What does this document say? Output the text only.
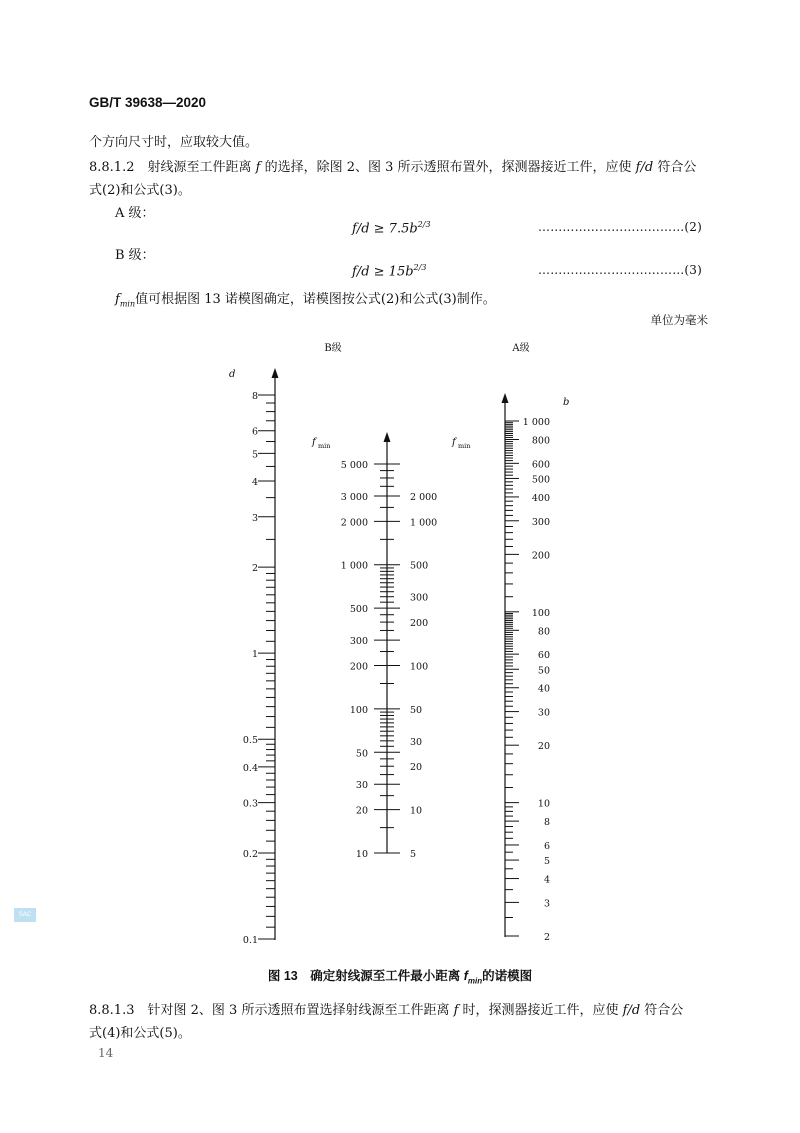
GB/T 39638—2020
个方向尺寸时，应取较大值。
8.8.1.2　 射线源至工件距离 f 的选择，除图 2、图 3 所示透照布置外，探测器接近工件，应使 f/d 符合公
式(2)和公式(3)。
A 级：
$f/d \ge 7.5b^{2/3}$	………………………………(2)
B 级：
$f/d \ge 15b^{2/3}$	………………………………(3)
$f_{min}$值可根据图 13 诺模图确定，诺模图按公式(2)和公式(3)制作。
单位为毫米
B级	A级
d
8
6
5
4
3
2
1
0.5
0.4
0.3
0.2
0.1
f min	f min
5 000
3 000
2 000
1 000
500
300
200
100
50
30
20
10
2 000
1 000
500
300
200
100
50
30
20
10
5
b
1 000
800
600
500
400
300
200
100
80
60
50
40
30
20
10
8
6
5
4
3
2
图 13　确定射线源至工件最小距离 $f_{min}$的诺模图
8.8.1.3　 针对图 2、图 3 所示透照布置选择射线源至工件距离 f 时，探测器接近工件，应使 f/d 符合公
式(4)和公式(5)。
14
SAC
